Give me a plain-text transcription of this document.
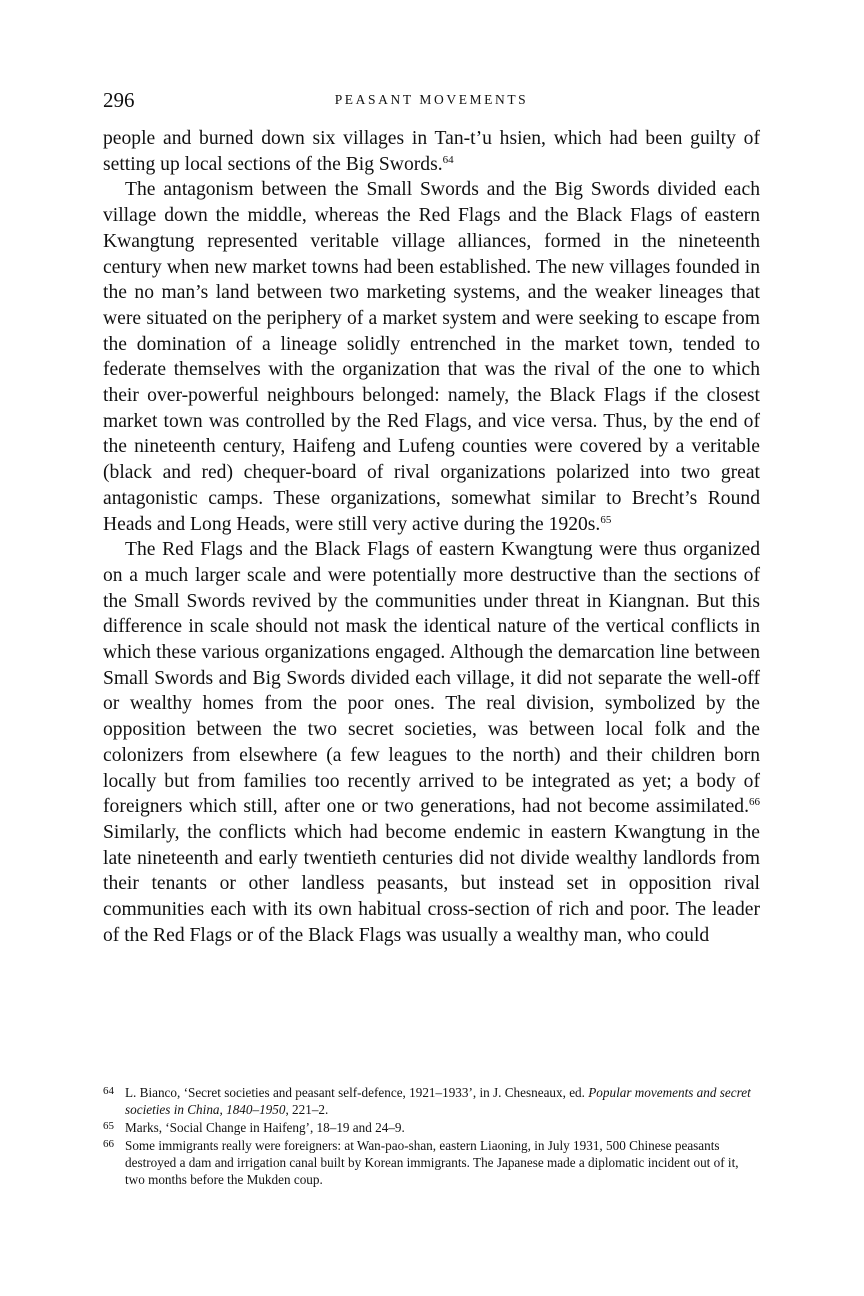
296	PEASANT MOVEMENTS

people and burned down six villages in Tan-t’u hsien, which had been guilty of setting up local sections of the Big Swords.$^{64}$

The antagonism between the Small Swords and the Big Swords divided each village down the middle, whereas the Red Flags and the Black Flags of eastern Kwangtung represented veritable village alliances, formed in the nineteenth century when new market towns had been established. The new villages founded in the no man’s land between two marketing systems, and the weaker lineages that were situated on the periphery of a market system and were seeking to escape from the domination of a lineage solidly entrenched in the market town, tended to federate themselves with the organization that was the rival of the one to which their over-powerful neighbours belonged: namely, the Black Flags if the closest market town was controlled by the Red Flags, and vice versa. Thus, by the end of the nineteenth century, Haifeng and Lufeng counties were covered by a veritable (black and red) chequer-board of rival organizations polarized into two great antagonistic camps. These organizations, somewhat similar to Brecht’s Round Heads and Long Heads, were still very active during the 1920s.$^{65}$

The Red Flags and the Black Flags of eastern Kwangtung were thus organized on a much larger scale and were potentially more destructive than the sections of the Small Swords revived by the communities under threat in Kiangnan. But this difference in scale should not mask the identical nature of the vertical conflicts in which these various organizations engaged. Although the demarcation line between Small Swords and Big Swords divided each village, it did not separate the well-off or wealthy homes from the poor ones. The real division, symbolized by the opposition between the two secret societies, was between local folk and the colonizers from elsewhere (a few leagues to the north) and their children born locally but from families too recently arrived to be integrated as yet; a body of foreigners which still, after one or two generations, had not become assimilated.$^{66}$ Similarly, the conflicts which had become endemic in eastern Kwangtung in the late nineteenth and early twentieth centuries did not divide wealthy landlords from their tenants or other landless peasants, but instead set in opposition rival communities each with its own habitual cross-section of rich and poor. The leader of the Red Flags or of the Black Flags was usually a wealthy man, who could

64 L. Bianco, ‘Secret societies and peasant self-defence, 1921–1933’, in J. Chesneaux, ed. Popular movements and secret societies in China, 1840–1950, 221–2.

65 Marks, ‘Social Change in Haifeng’, 18–19 and 24–9.

66 Some immigrants really were foreigners: at Wan-pao-shan, eastern Liaoning, in July 1931, 500 Chinese peasants destroyed a dam and irrigation canal built by Korean immigrants. The Japanese made a diplomatic incident out of it, two months before the Mukden coup.
